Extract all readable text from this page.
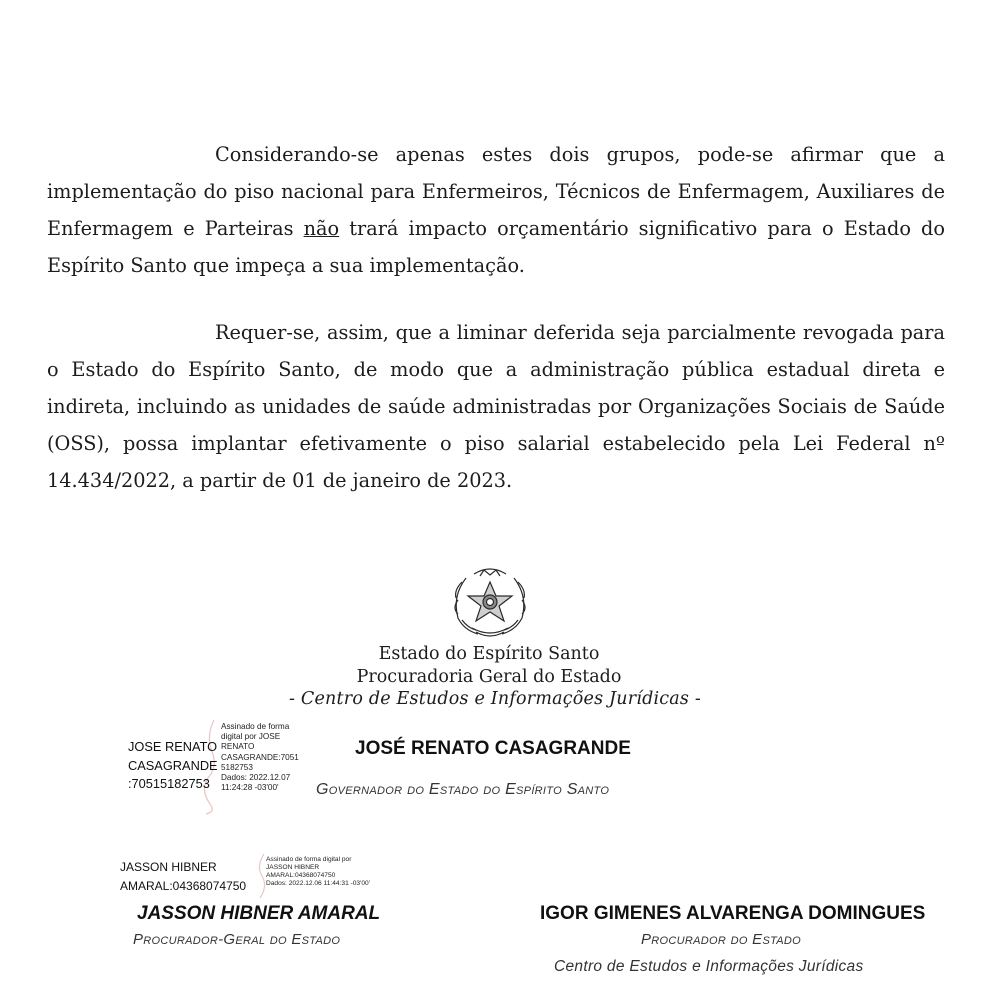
Considerando-se apenas estes dois grupos, pode-se afirmar que a implementação do piso nacional para Enfermeiros, Técnicos de Enfermagem, Auxiliares de Enfermagem e Parteiras não trará impacto orçamentário significativo para o Estado do Espírito Santo que impeça a sua implementação.

Requer-se, assim, que a liminar deferida seja parcialmente revogada para o Estado do Espírito Santo, de modo que a administração pública estadual direta e indireta, incluindo as unidades de saúde administradas por Organizações Sociais de Saúde (OSS), possa implantar efetivamente o piso salarial estabelecido pela Lei Federal nº 14.434/2022, a partir de 01 de janeiro de 2023.

Estado do Espírito Santo

Procuradoria Geral do Estado

- Centro de Estudos e Informações Jurídicas -

JOSE RENATO
CASAGRANDE
:70515182753
Assinado de forma
digital por JOSE
RENATO
CASAGRANDE:7051
5182753
Dados: 2022.12.07
11:24:28 -03'00'
JOSÉ RENATO CASAGRANDE
Governador do Estado do Espírito Santo
JASSON HIBNER
AMARAL:04368074750
Assinado de forma digital por
JASSON HIBNER
AMARAL:04368074750
Dados: 2022.12.06 11:44:31 -03'00'
JASSON HIBNER AMARAL
Procurador-Geral do Estado
IGOR GIMENES ALVARENGA DOMINGUES
Procurador do Estado
Centro de Estudos e Informações Jurídicas
